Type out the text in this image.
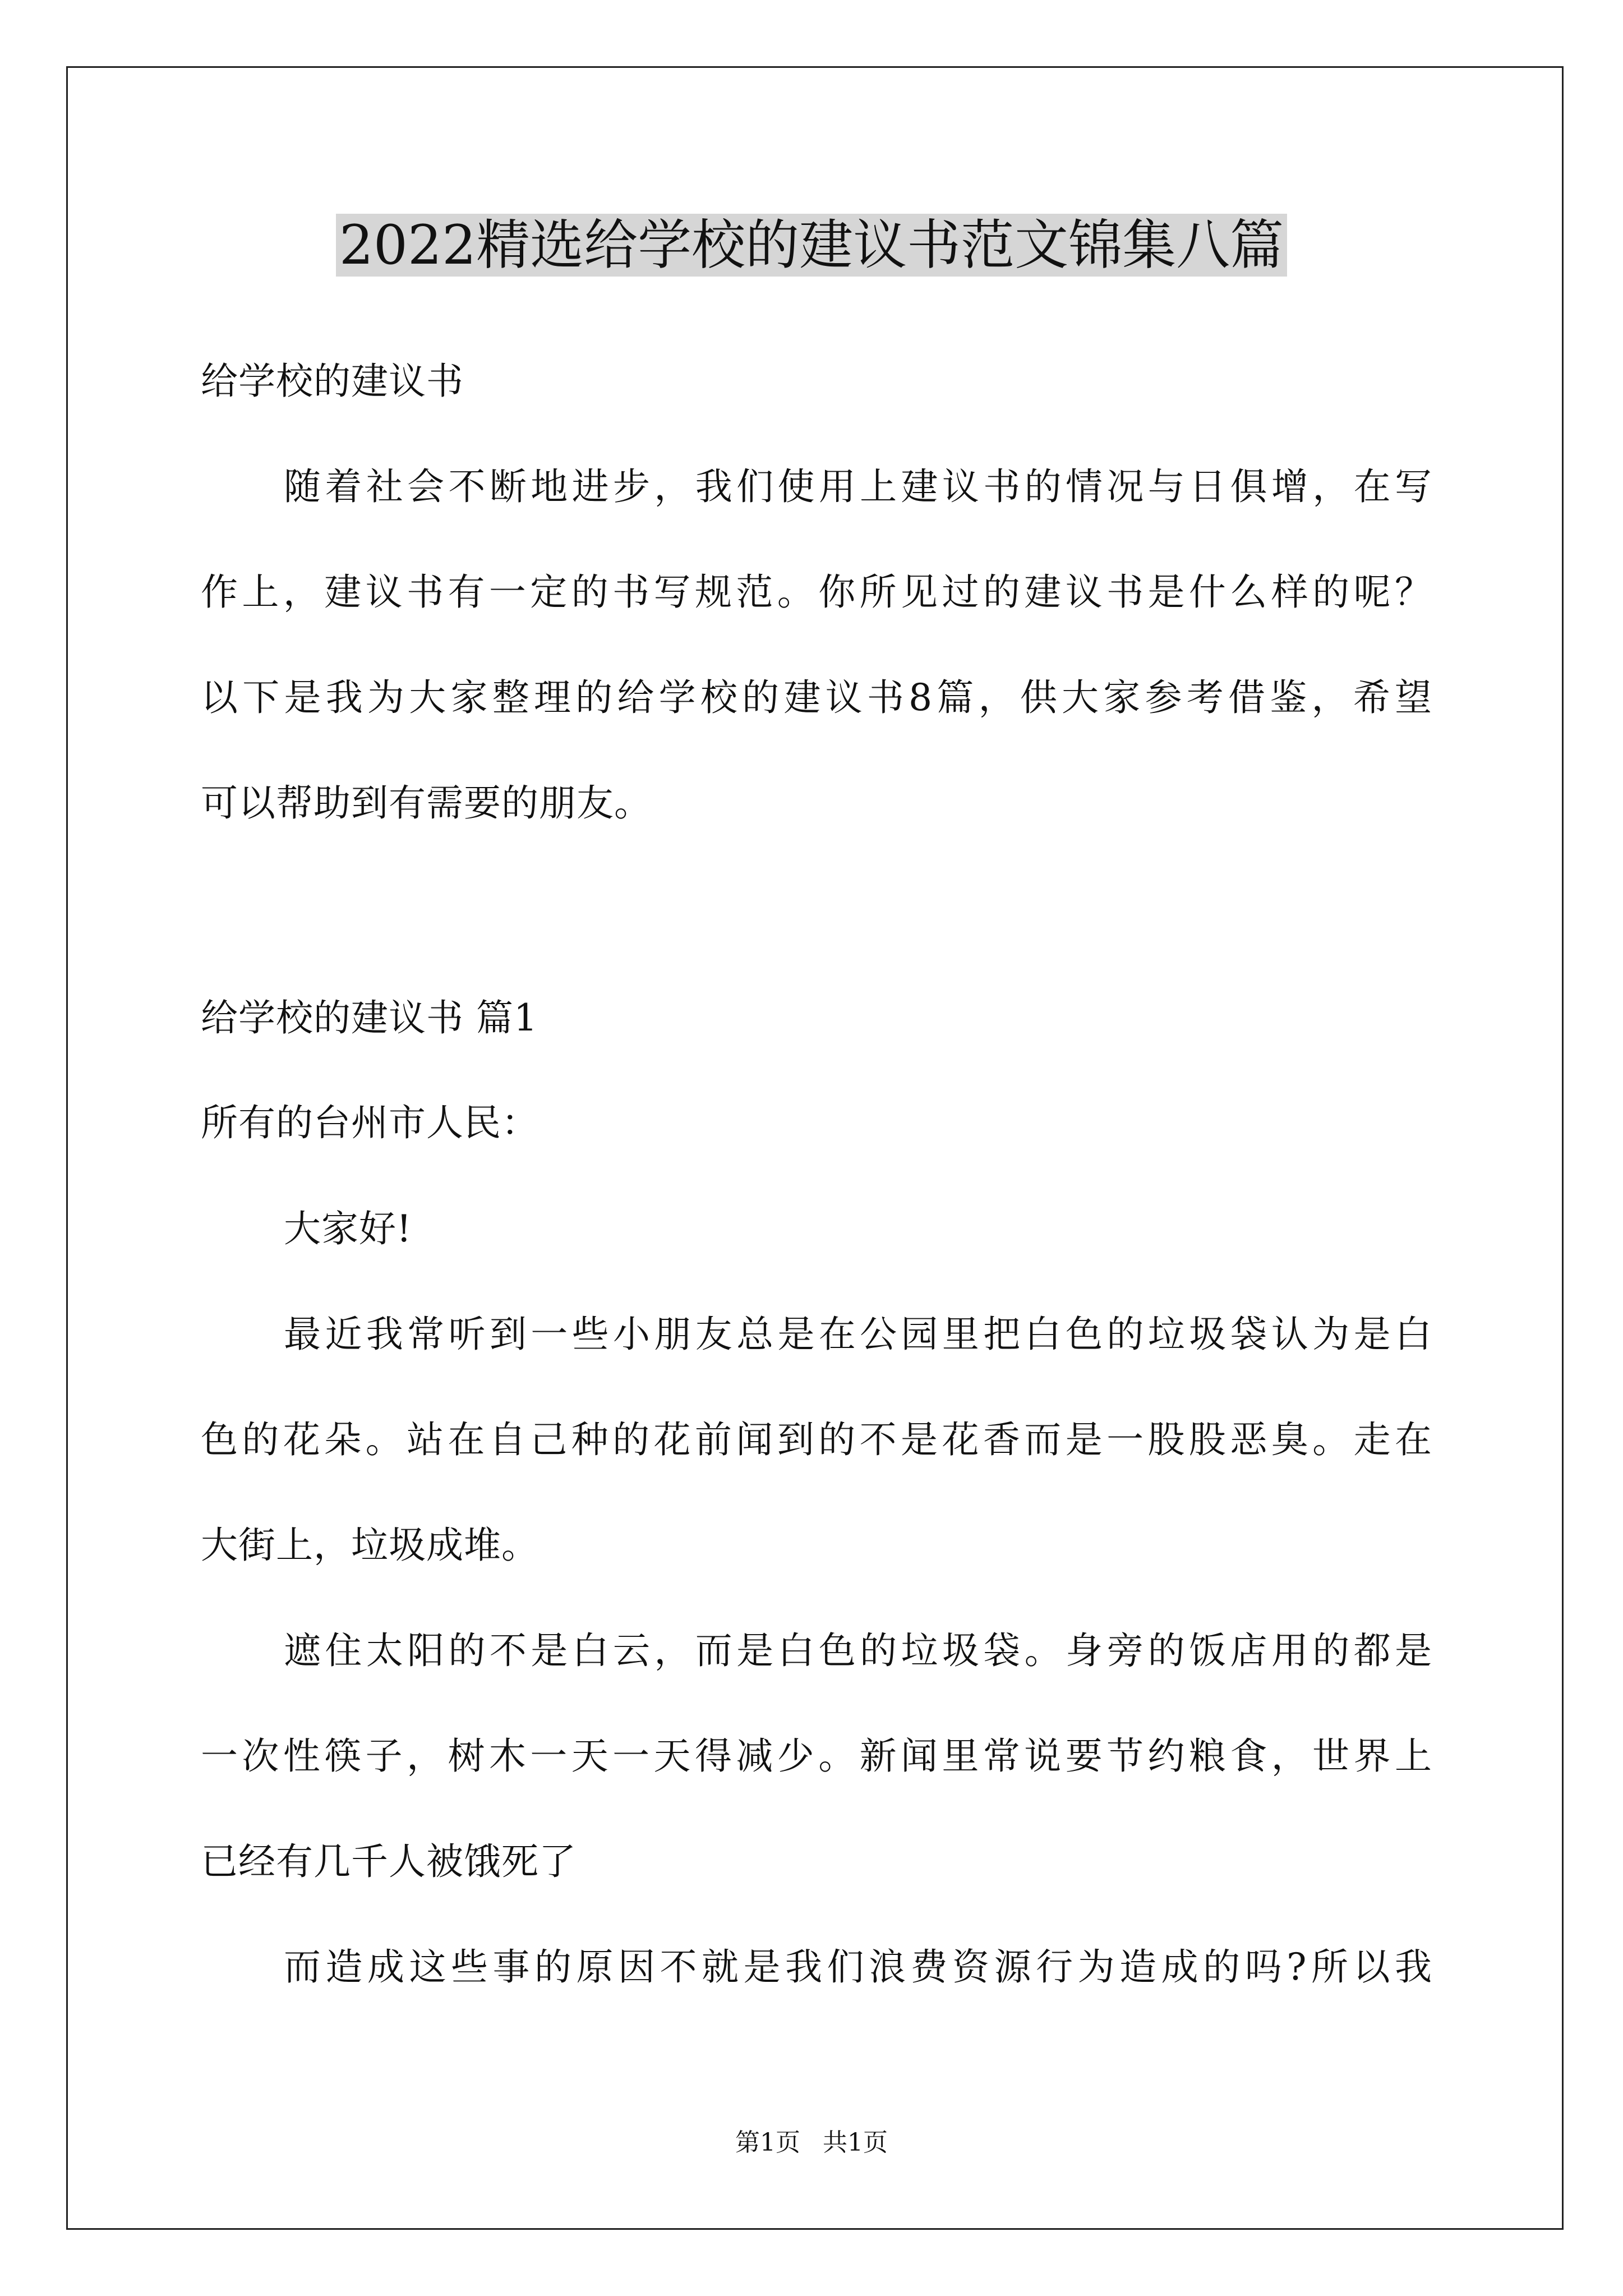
2022精选给学校的建议书范文锦集八篇
给学校的建议书
随着社会不断地进步，我们使用上建议书的情况与日俱增，在写
作上，建议书有一定的书写规范。你所见过的建议书是什么样的呢？
以下是我为大家整理的给学校的建议书8篇，供大家参考借鉴，希望
可以帮助到有需要的朋友。
给学校的建议书 篇1
所有的台州市人民：
大家好!
最近我常听到一些小朋友总是在公园里把白色的垃圾袋认为是白
色的花朵。站在自己种的花前闻到的不是花香而是一股股恶臭。走在
大街上，垃圾成堆。
遮住太阳的不是白云，而是白色的垃圾袋。身旁的饭店用的都是
一次性筷子，树木一天一天得减少。新闻里常说要节约粮食，世界上
已经有几千人被饿死了
而造成这些事的原因不就是我们浪费资源行为造成的吗?所以我
第1页 共1页
